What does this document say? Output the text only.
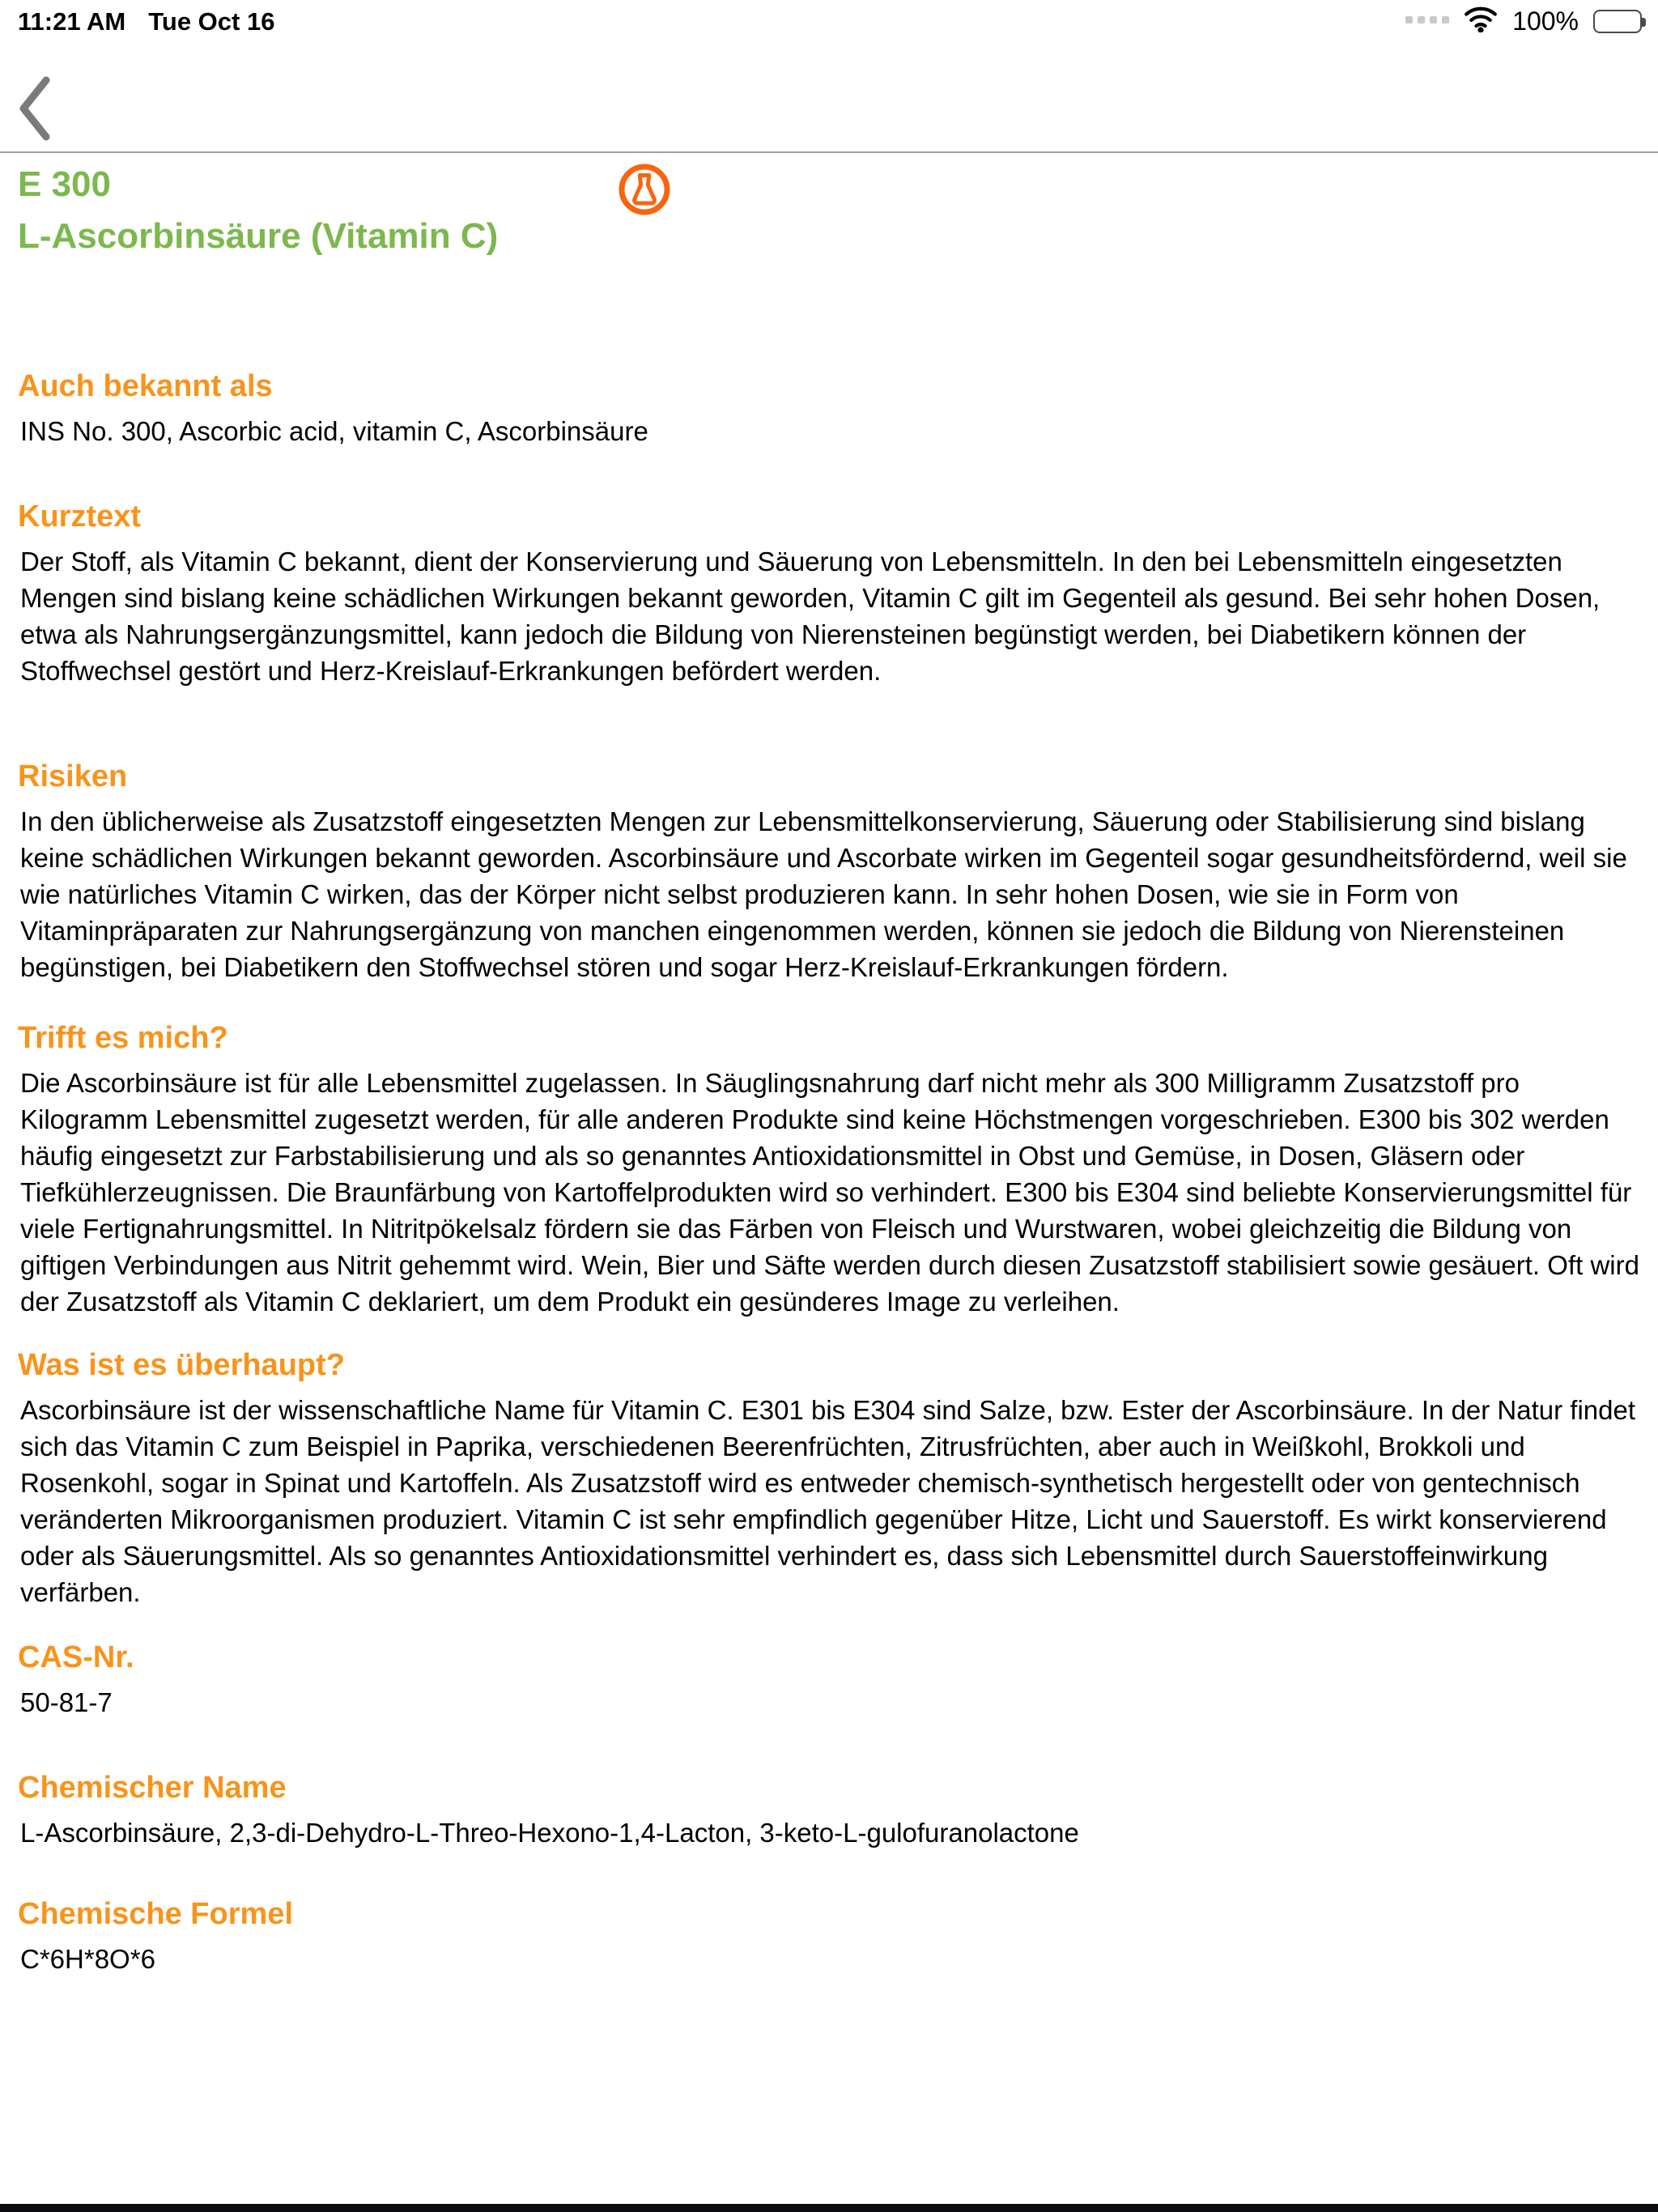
11:21 AM Tue Oct 16	100%
E 300
L-Ascorbinsäure (Vitamin C)
Auch bekannt als
INS No. 300, Ascorbic acid, vitamin C, Ascorbinsäure
Kurztext
Der Stoff, als Vitamin C bekannt, dient der Konservierung und Säuerung von Lebensmitteln. In den bei Lebensmitteln eingesetzten Mengen sind bislang keine schädlichen Wirkungen bekannt geworden, Vitamin C gilt im Gegenteil als gesund. Bei sehr hohen Dosen, etwa als Nahrungsergänzungsmittel, kann jedoch die Bildung von Nierensteinen begünstigt werden, bei Diabetikern können der Stoffwechsel gestört und Herz-Kreislauf-Erkrankungen befördert werden.
Risiken
In den üblicherweise als Zusatzstoff eingesetzten Mengen zur Lebensmittelkonservierung, Säuerung oder Stabilisierung sind bislang keine schädlichen Wirkungen bekannt geworden. Ascorbinsäure und Ascorbate wirken im Gegenteil sogar gesundheitsfördernd, weil sie wie natürliches Vitamin C wirken, das der Körper nicht selbst produzieren kann. In sehr hohen Dosen, wie sie in Form von Vitaminpräparaten zur Nahrungsergänzung von manchen eingenommen werden, können sie jedoch die Bildung von Nierensteinen begünstigen, bei Diabetikern den Stoffwechsel stören und sogar Herz-Kreislauf-Erkrankungen fördern.
Trifft es mich?
Die Ascorbinsäure ist für alle Lebensmittel zugelassen. In Säuglingsnahrung darf nicht mehr als 300 Milligramm Zusatzstoff pro Kilogramm Lebensmittel zugesetzt werden, für alle anderen Produkte sind keine Höchstmengen vorgeschrieben. E300 bis 302 werden häufig eingesetzt zur Farbstabilisierung und als so genanntes Antioxidationsmittel in Obst und Gemüse, in Dosen, Gläsern oder Tiefkühlerzeugnissen. Die Braunfärbung von Kartoffelprodukten wird so verhindert. E300 bis E304 sind beliebte Konservierungsmittel für viele Fertignahrungsmittel. In Nitritpökelsalz fördern sie das Färben von Fleisch und Wurstwaren, wobei gleichzeitig die Bildung von giftigen Verbindungen aus Nitrit gehemmt wird. Wein, Bier und Säfte werden durch diesen Zusatzstoff stabilisiert sowie gesäuert. Oft wird der Zusatzstoff als Vitamin C deklariert, um dem Produkt ein gesünderes Image zu verleihen.
Was ist es überhaupt?
Ascorbinsäure ist der wissenschaftliche Name für Vitamin C. E301 bis E304 sind Salze, bzw. Ester der Ascorbinsäure. In der Natur findet sich das Vitamin C zum Beispiel in Paprika, verschiedenen Beerenfrüchten, Zitrusfrüchten, aber auch in Weißkohl, Brokkoli und Rosenkohl, sogar in Spinat und Kartoffeln. Als Zusatzstoff wird es entweder chemisch-synthetisch hergestellt oder von gentechnisch veränderten Mikroorganismen produziert. Vitamin C ist sehr empfindlich gegenüber Hitze, Licht und Sauerstoff. Es wirkt konservierend oder als Säuerungsmittel. Als so genanntes Antioxidationsmittel verhindert es, dass sich Lebensmittel durch Sauerstoffeinwirkung verfärben.
CAS-Nr.
50-81-7
Chemischer Name
L-Ascorbinsäure, 2,3-di-Dehydro-L-Threo-Hexono-1,4-Lacton, 3-keto-L-gulofuranolactone
Chemische Formel
C*6H*8O*6
